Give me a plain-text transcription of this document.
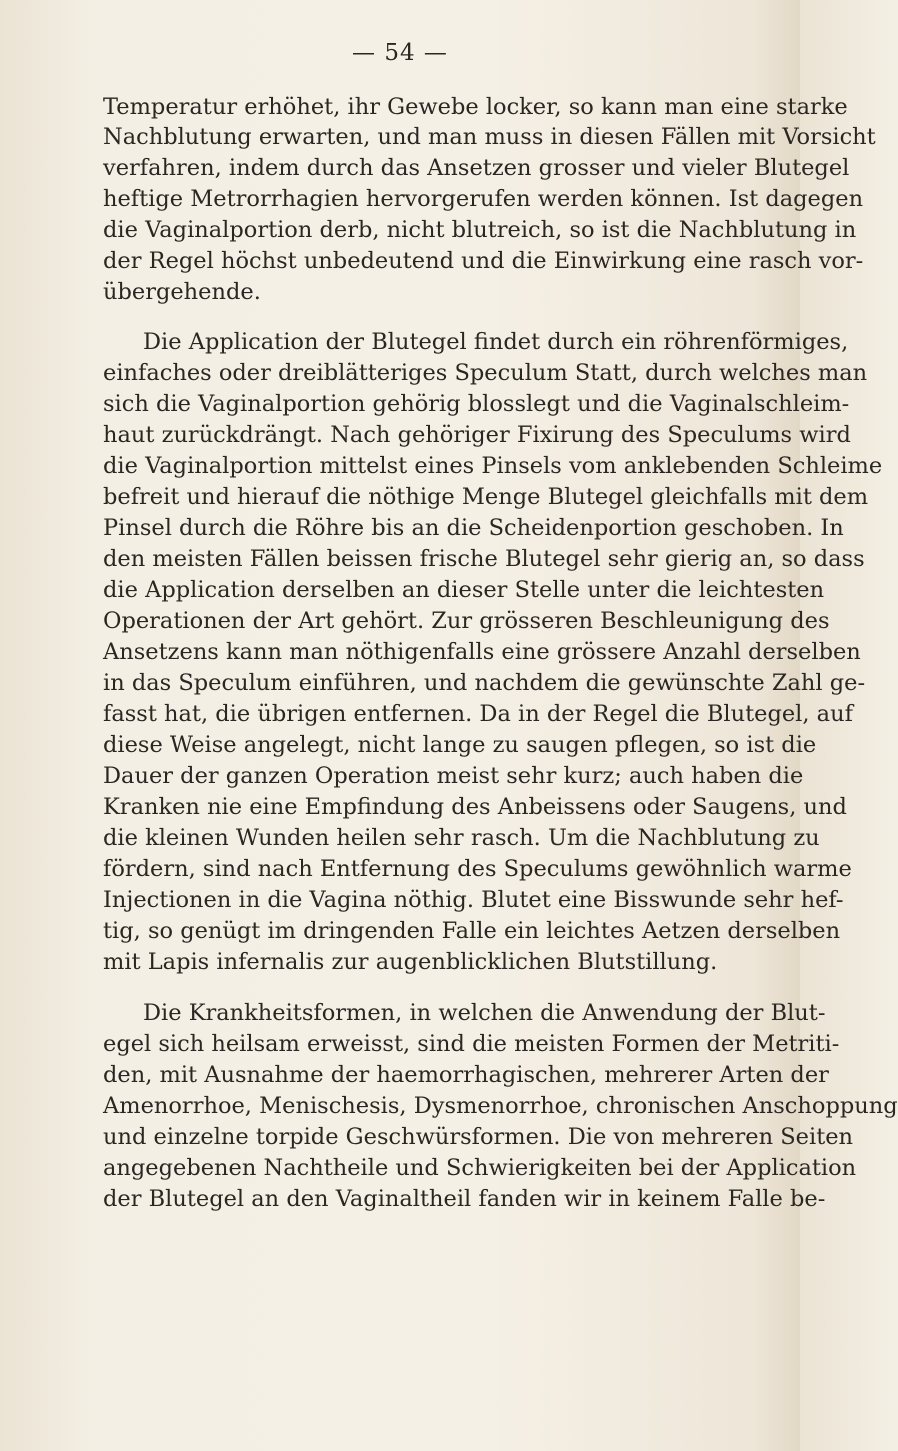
— 54 —
Temperatur erhöhet, ihr Gewebe locker, so kann man eine starke
Nachblutung erwarten, und man muss in diesen Fällen mit Vorsicht
verfahren, indem durch das Ansetzen grosser und vieler Blutegel
heftige Metrorrhagien hervorgerufen werden können. Ist dagegen
die Vaginalportion derb, nicht blutreich, so ist die Nachblutung in
der Regel höchst unbedeutend und die Einwirkung eine rasch vor-
übergehende.
Die Application der Blutegel findet durch ein röhrenförmiges,
einfaches oder dreiblätteriges Speculum Statt, durch welches man
sich die Vaginalportion gehörig blosslegt und die Vaginalschleim-
haut zurückdrängt. Nach gehöriger Fixirung des Speculums wird
die Vaginalportion mittelst eines Pinsels vom anklebenden Schleime
befreit und hierauf die nöthige Menge Blutegel gleichfalls mit dem
Pinsel durch die Röhre bis an die Scheidenportion geschoben. In
den meisten Fällen beissen frische Blutegel sehr gierig an, so dass
die Application derselben an dieser Stelle unter die leichtesten
Operationen der Art gehört. Zur grösseren Beschleunigung des
Ansetzens kann man nöthigenfalls eine grössere Anzahl derselben
in das Speculum einführen, und nachdem die gewünschte Zahl ge-
fasst hat, die übrigen entfernen. Da in der Regel die Blutegel, auf
diese Weise angelegt, nicht lange zu saugen pflegen, so ist die
Dauer der ganzen Operation meist sehr kurz; auch haben die
Kranken nie eine Empfindung des Anbeissens oder Saugens, und
die kleinen Wunden heilen sehr rasch. Um die Nachblutung zu
fördern, sind nach Entfernung des Speculums gewöhnlich warme
Injectionen in die Vagina nöthig. Blutet eine Bisswunde sehr hef-
tig, so genügt im dringenden Falle ein leichtes Aetzen derselben
mit Lapis infernalis zur augenblicklichen Blutstillung.
Die Krankheitsformen, in welchen die Anwendung der Blut-
egel sich heilsam erweisst, sind die meisten Formen der Metriti-
den, mit Ausnahme der haemorrhagischen, mehrerer Arten der
Amenorrhoe, Menischesis, Dysmenorrhoe, chronischen Anschoppung
und einzelne torpide Geschwürsformen. Die von mehreren Seiten
angegebenen Nachtheile und Schwierigkeiten bei der Application
der Blutegel an den Vaginaltheil fanden wir in keinem Falle be-
